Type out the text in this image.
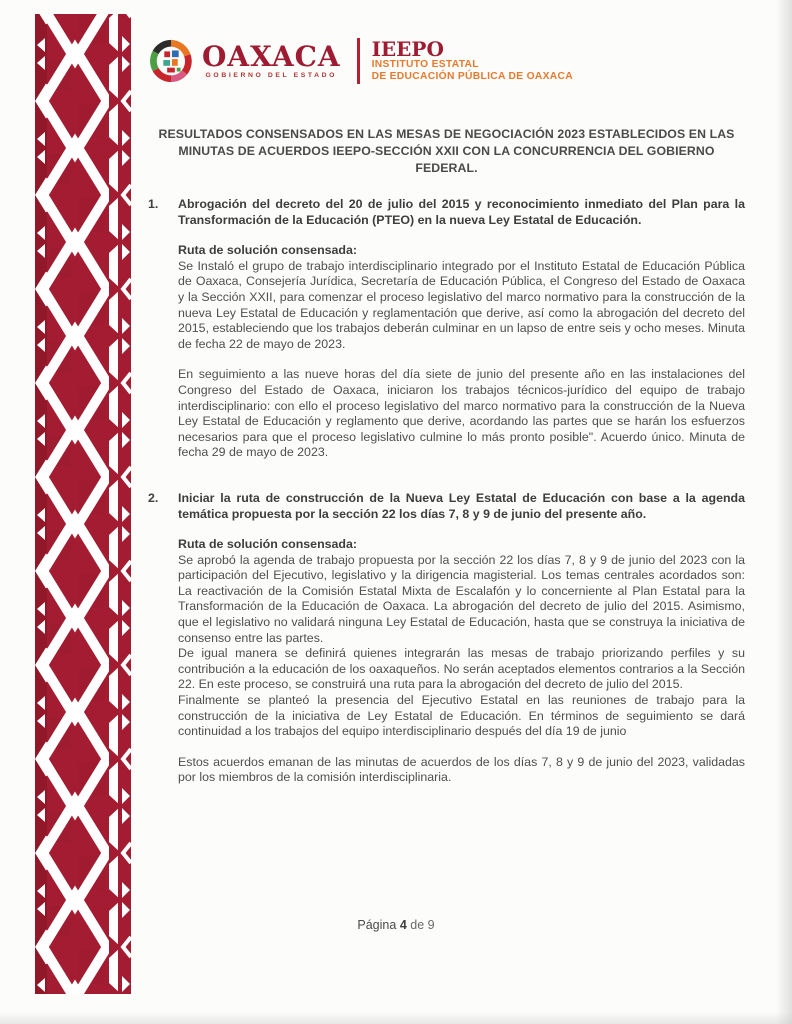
OAXACA
GOBIERNO DEL ESTADO
IEEPO
INSTITUTO ESTATAL
DE EDUCACIÓN PÚBLICA DE OAXACA
RESULTADOS CONSENSADOS EN LAS MESAS DE NEGOCIACIÓN 2023 ESTABLECIDOS EN LAS MINUTAS DE ACUERDOS IEEPO-SECCIÓN XXII CON LA CONCURRENCIA DEL GOBIERNO FEDERAL.
1.	Abrogación del decreto del 20 de julio del 2015 y reconocimiento inmediato del Plan para la Transformación de la Educación (PTEO) en la nueva Ley Estatal de Educación.
Ruta de solución consensada:

Se Instaló el grupo de trabajo interdisciplinario integrado por el Instituto Estatal de Educación Pública de Oaxaca, Consejería Jurídica, Secretaría de Educación Pública, el Congreso del Estado de Oaxaca y la Sección XXII, para comenzar el proceso legislativo del marco normativo para la construcción de la nueva Ley Estatal de Educación y reglamentación que derive, así como la abrogación del decreto del 2015, estableciendo que los trabajos deberán culminar en un lapso de entre seis y ocho meses. Minuta de fecha 22 de mayo de 2023.

En seguimiento a las nueve horas del día siete de junio del presente año en las instalaciones del Congreso del Estado de Oaxaca, iniciaron los trabajos técnicos-jurídico del equipo de trabajo interdisciplinario: con ello el proceso legislativo del marco normativo para la construcción de la Nueva Ley Estatal de Educación y reglamento que derive, acordando las partes que se harán los esfuerzos necesarios para que el proceso legislativo culmine lo más pronto posible". Acuerdo único. Minuta de fecha 29 de mayo de 2023.

2.	Iniciar la ruta de construcción de la Nueva Ley Estatal de Educación con base a la agenda temática propuesta por la sección 22 los días 7, 8 y 9 de junio del presente año.
Ruta de solución consensada:

Se aprobó la agenda de trabajo propuesta por la sección 22 los días 7, 8 y 9 de junio del 2023 con la participación del Ejecutivo, legislativo y la dirigencia magisterial. Los temas centrales acordados son: La reactivación de la Comisión Estatal Mixta de Escalafón y lo concerniente al Plan Estatal para la Transformación de la Educación de Oaxaca. La abrogación del decreto de julio del 2015. Asimismo, que el legislativo no validará ninguna Ley Estatal de Educación, hasta que se construya la iniciativa de consenso entre las partes.

De igual manera se definirá quienes integrarán las mesas de trabajo priorizando perfiles y su contribución a la educación de los oaxaqueños. No serán aceptados elementos contrarios a la Sección 22. En este proceso, se construirá una ruta para la abrogación del decreto de julio del 2015.

Finalmente se planteó la presencia del Ejecutivo Estatal en las reuniones de trabajo para la construcción de la iniciativa de Ley Estatal de Educación. En términos de seguimiento se dará continuidad a los trabajos del equipo interdisciplinario después del día 19 de junio

Estos acuerdos emanan de las minutas de acuerdos de los días 7, 8 y 9 de junio del 2023, validadas por los miembros de la comisión interdisciplinaria.

Página 4 de 9
